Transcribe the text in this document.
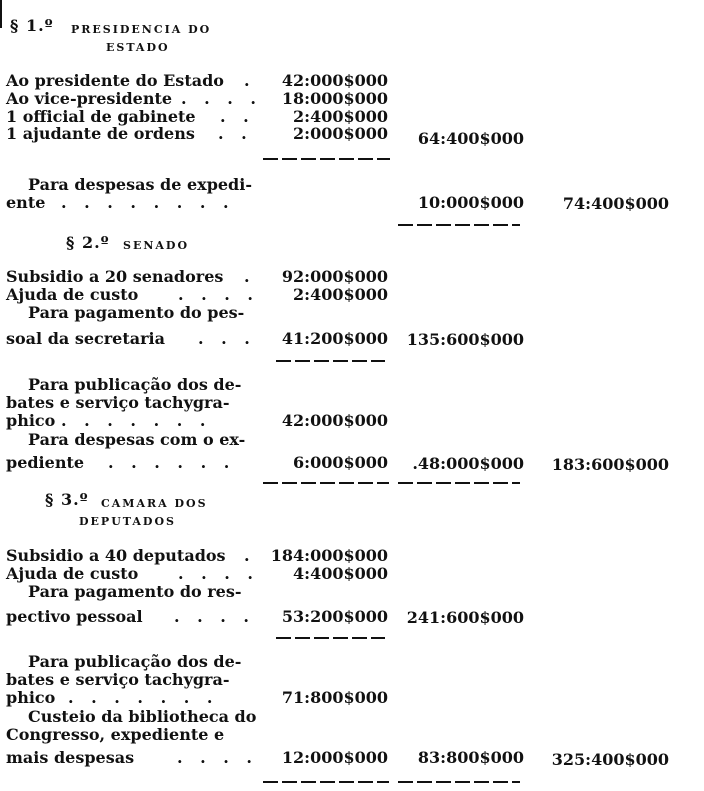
§ 1.º PRESIDENCIA DO
ESTADO
Ao presidente do Estado .	42:000$000
Ao vice-presidente . . . .	18:000$000
1 official de gabinete . .	2:400$000
1 ajudante de ordens . .	2:000$000	64:400$000
Para despesas de expedi-
ente . . . . . . . .	10:000$000	74:400$000
§ 2.º SENADO
Subsidio a 20 senadores .	92:000$000
Ajuda de custo . . . .	2:400$000
Para pagamento do pes-
soal da secretaria . . .	41:200$000 135:600$000
Para publicação dos de-
bates e serviço tachygra-
phico . . . . . . .	42:000$000
Para despesas com o ex-
pediente . . . . . .	6:000$000	.48:000$000	183:600$000
§ 3.º CAMARA DOS
DEPUTADOS
Subsidio a 40 deputados . 184:000$000
Ajuda de custo . . . .	4:400$000
Para pagamento do res-
pectivo pessoal . . . .	53:200$000 241:600$000
Para publicação dos de-
bates e serviço tachygra-
phico . . . . . . .	71:800$000
Custeio da bibliotheca do
Congresso, expediente e
mais despesas	. . . .	12:000$000	83:800$000	325:400$000
